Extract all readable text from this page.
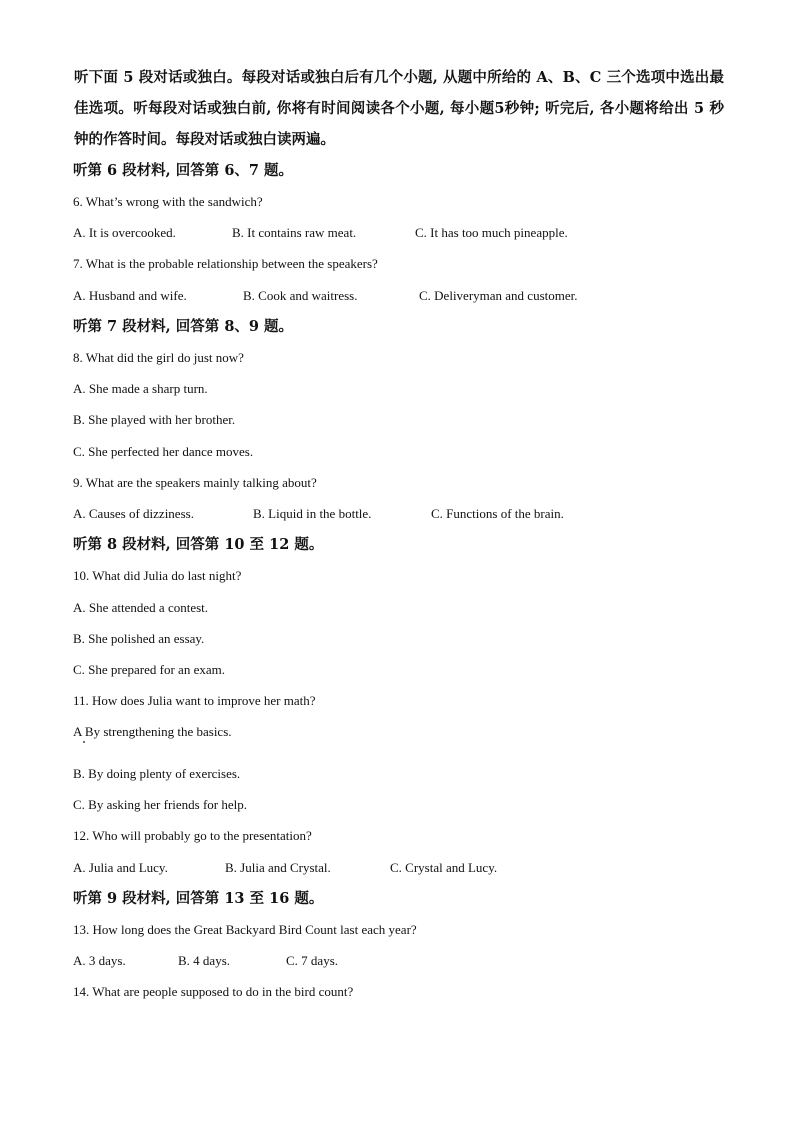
听下面 5 段对话或独白。每段对话或独白后有几个小题, 从题中所给的 A、B、C 三个选项中选出最佳选项。听每段对话或独白前, 你将有时间阅读各个小题, 每小题5秒钟; 听完后, 各小题将给出 5 秒钟的作答时间。每段对话或独白读两遍。
听第 6 段材料, 回答第 6、7 题。
6. What’s wrong with the sandwich?
A. It is overcooked.	B. It contains raw meat.	C. It has too much pineapple.
7. What is the probable relationship between the speakers?
A. Husband and wife.	B. Cook and waitress.	C. Deliveryman and customer.
听第 7 段材料, 回答第 8、9 题。
8. What did the girl do just now?
A. She made a sharp turn.
B. She played with her brother.
C. She perfected her dance moves.
9. What are the speakers mainly talking about?
A. Causes of dizziness.	B. Liquid in the bottle.	C. Functions of the brain.
听第 8 段材料, 回答第 10 至 12 题。
10. What did Julia do last night?
A. She attended a contest.
B. She polished an essay.
C. She prepared for an exam.
11. How does Julia want to improve her math?
A By strengthening the basics.
B. By doing plenty of exercises.
C. By asking her friends for help.
12. Who will probably go to the presentation?
A. Julia and Lucy.	B. Julia and Crystal.	C. Crystal and Lucy.
听第 9 段材料, 回答第 13 至 16 题。
13. How long does the Great Backyard Bird Count last each year?
A. 3 days.	B. 4 days.	C. 7 days.
14. What are people supposed to do in the bird count?
